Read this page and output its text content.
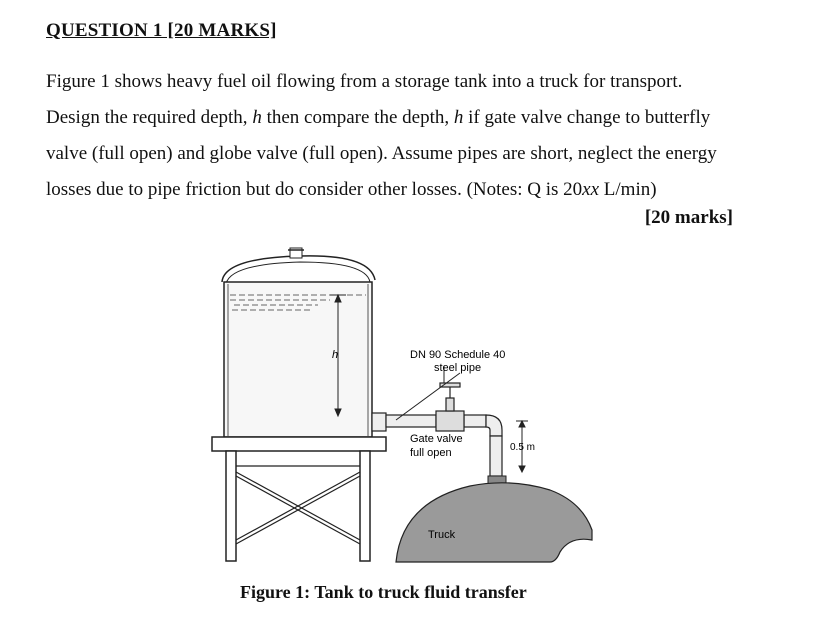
QUESTION 1 [20 MARKS]
Figure 1 shows heavy fuel oil flowing from a storage tank into a truck for transport.
Design the required depth, h then compare the depth, h if gate valve change to butterfly
valve (full open) and globe valve (full open). Assume pipes are short, neglect the energy
losses due to pipe friction but do consider other losses. (Notes: Q is 20xx L/min)
[20 marks]
h	DN 90 Schedule 40
steel pipe
Gate valve
full open	0.5 m
Truck
Figure 1: Tank to truck fluid transfer
